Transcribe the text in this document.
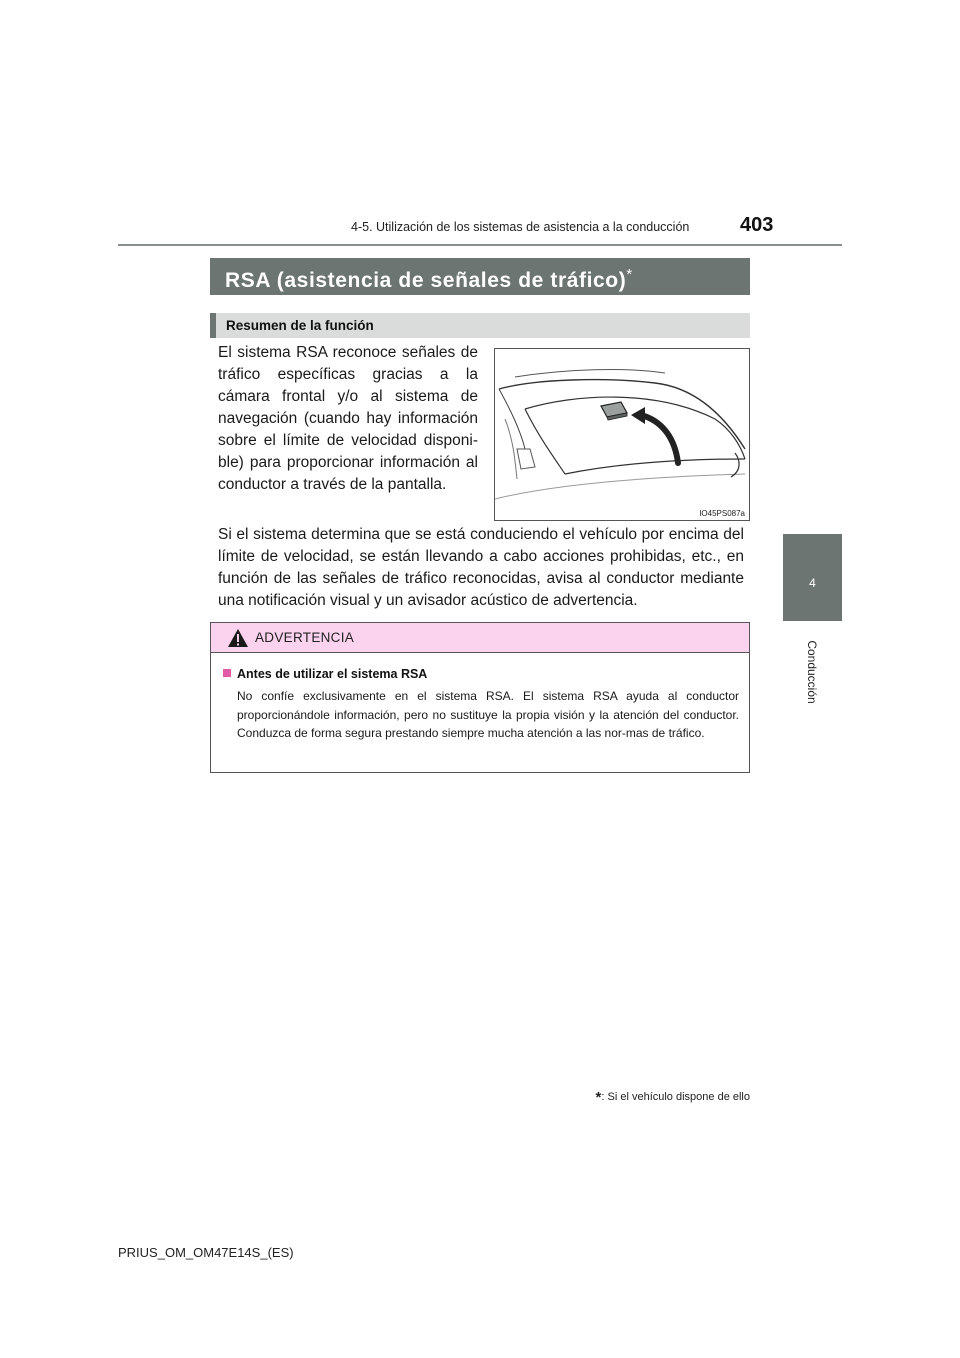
4-5. Utilización de los sistemas de asistencia a la conducción	403
4
Conducción
RSA (asistencia de señales de tráfico)*
Resumen de la función
El sistema RSA reconoce señales de tráfico específicas gracias a la cámara frontal y/o al sistema de navegación (cuando hay información sobre el límite de velocidad disponi-ble) para proporcionar información al conductor a través de la pantalla.
IO45PS087a
Si el sistema determina que se está conduciendo el vehículo por encima del límite de velocidad, se están llevando a cabo acciones prohibidas, etc., en función de las señales de tráfico reconocidas, avisa al conductor mediante una notificación visual y un avisador acústico de advertencia.
ADVERTENCIA
Antes de utilizar el sistema RSA
No confíe exclusivamente en el sistema RSA. El sistema RSA ayuda al conductor proporcionándole información, pero no sustituye la propia visión y la atención del conductor. Conduzca de forma segura prestando siempre mucha atención a las nor-mas de tráfico.
*: Si el vehículo dispone de ello
PRIUS_OM_OM47E14S_(ES)
